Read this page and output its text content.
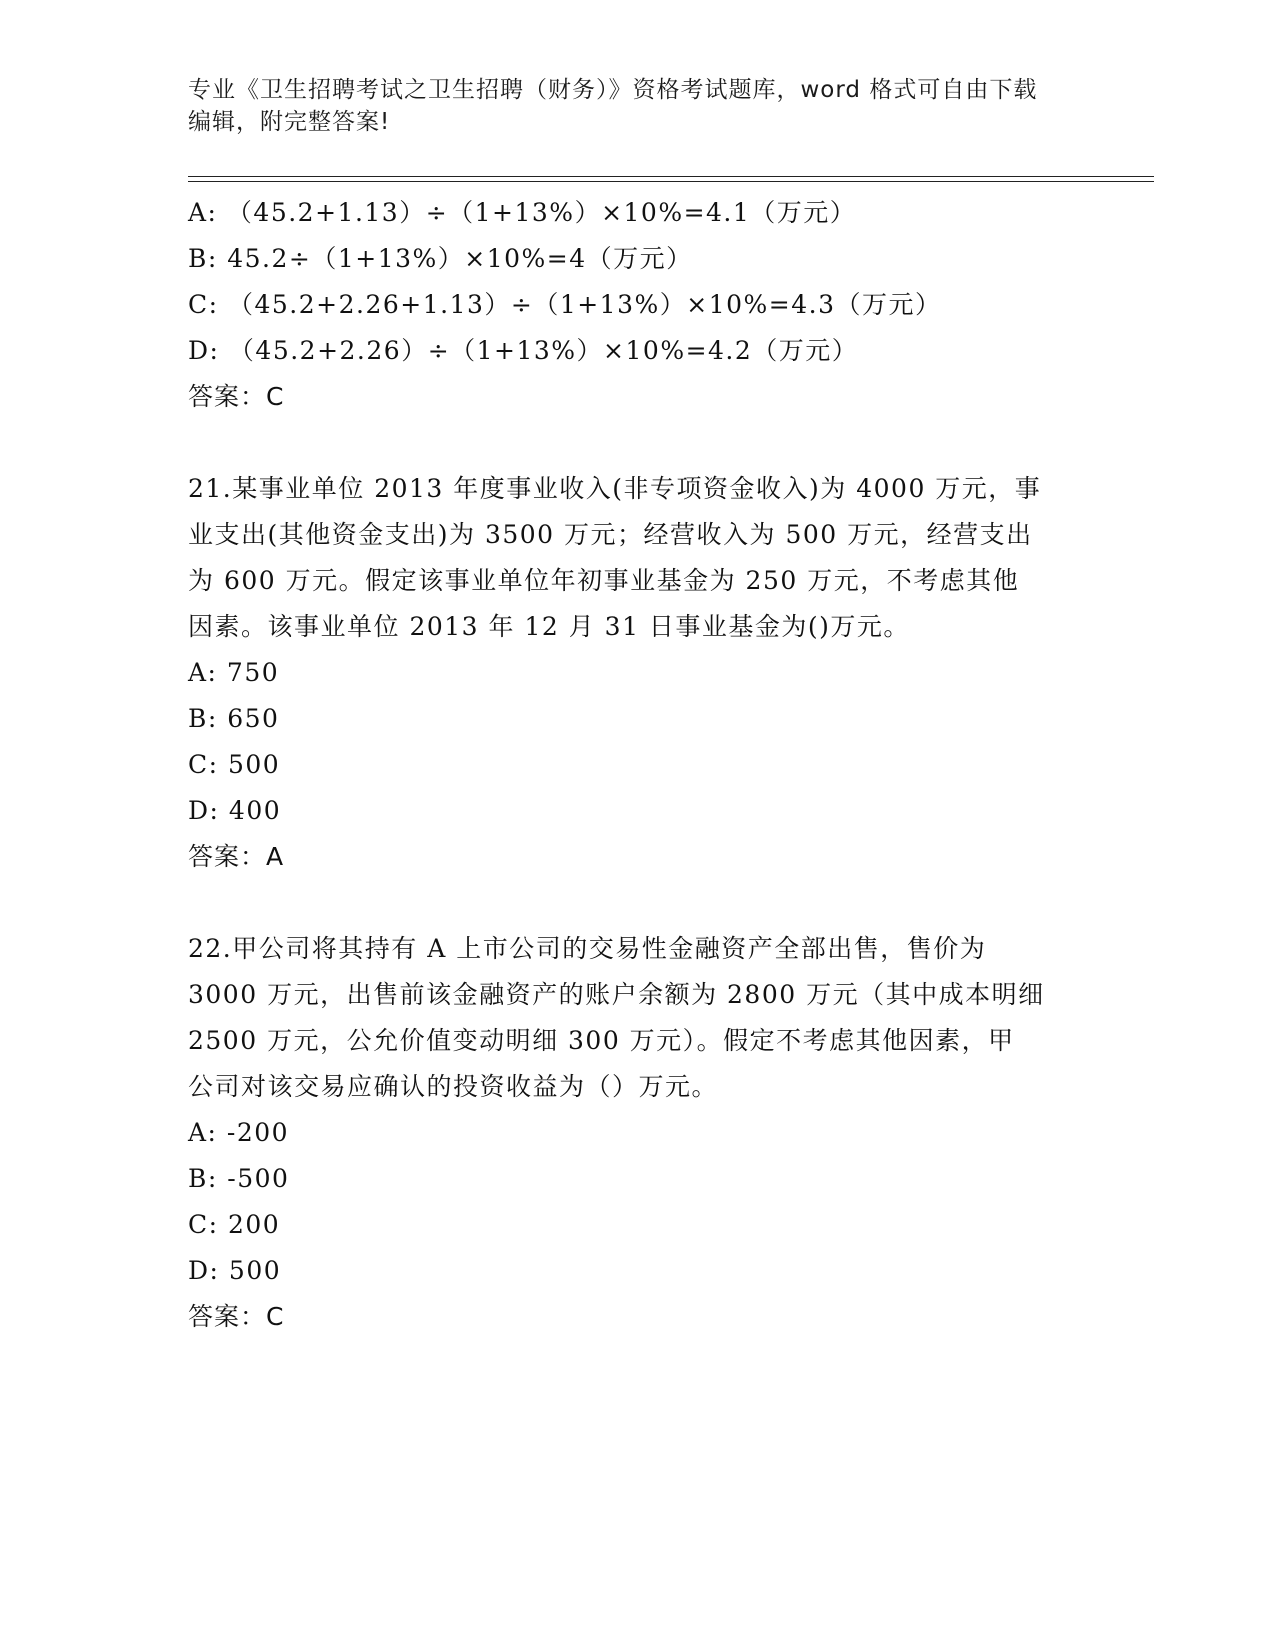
专业《卫生招聘考试之卫生招聘（财务）》资格考试题库，word 格式可自由下载
编辑，附完整答案!
A: （45.2+1.13）÷（1+13%）×10%=4.1（万元）
B: 45.2÷（1+13%）×10%=4（万元）
C: （45.2+2.26+1.13）÷（1+13%）×10%=4.3（万元）
D: （45.2+2.26）÷（1+13%）×10%=4.2（万元）
答案：C
21.某事业单位 2013 年度事业收入(非专项资金收入)为 4000 万元，事
业支出(其他资金支出)为 3500 万元；经营收入为 500 万元，经营支出
为 600 万元。假定该事业单位年初事业基金为 250 万元，不考虑其他
因素。该事业单位 2013 年 12 月 31 日事业基金为()万元。
A: 750
B: 650
C: 500
D: 400
答案：A
22.甲公司将其持有 A 上市公司的交易性金融资产全部出售，售价为
3000 万元，出售前该金融资产的账户余额为 2800 万元（其中成本明细
2500 万元，公允价值变动明细 300 万元）。假定不考虑其他因素，甲
公司对该交易应确认的投资收益为（）万元。
A: -200
B: -500
C: 200
D: 500
答案：C
